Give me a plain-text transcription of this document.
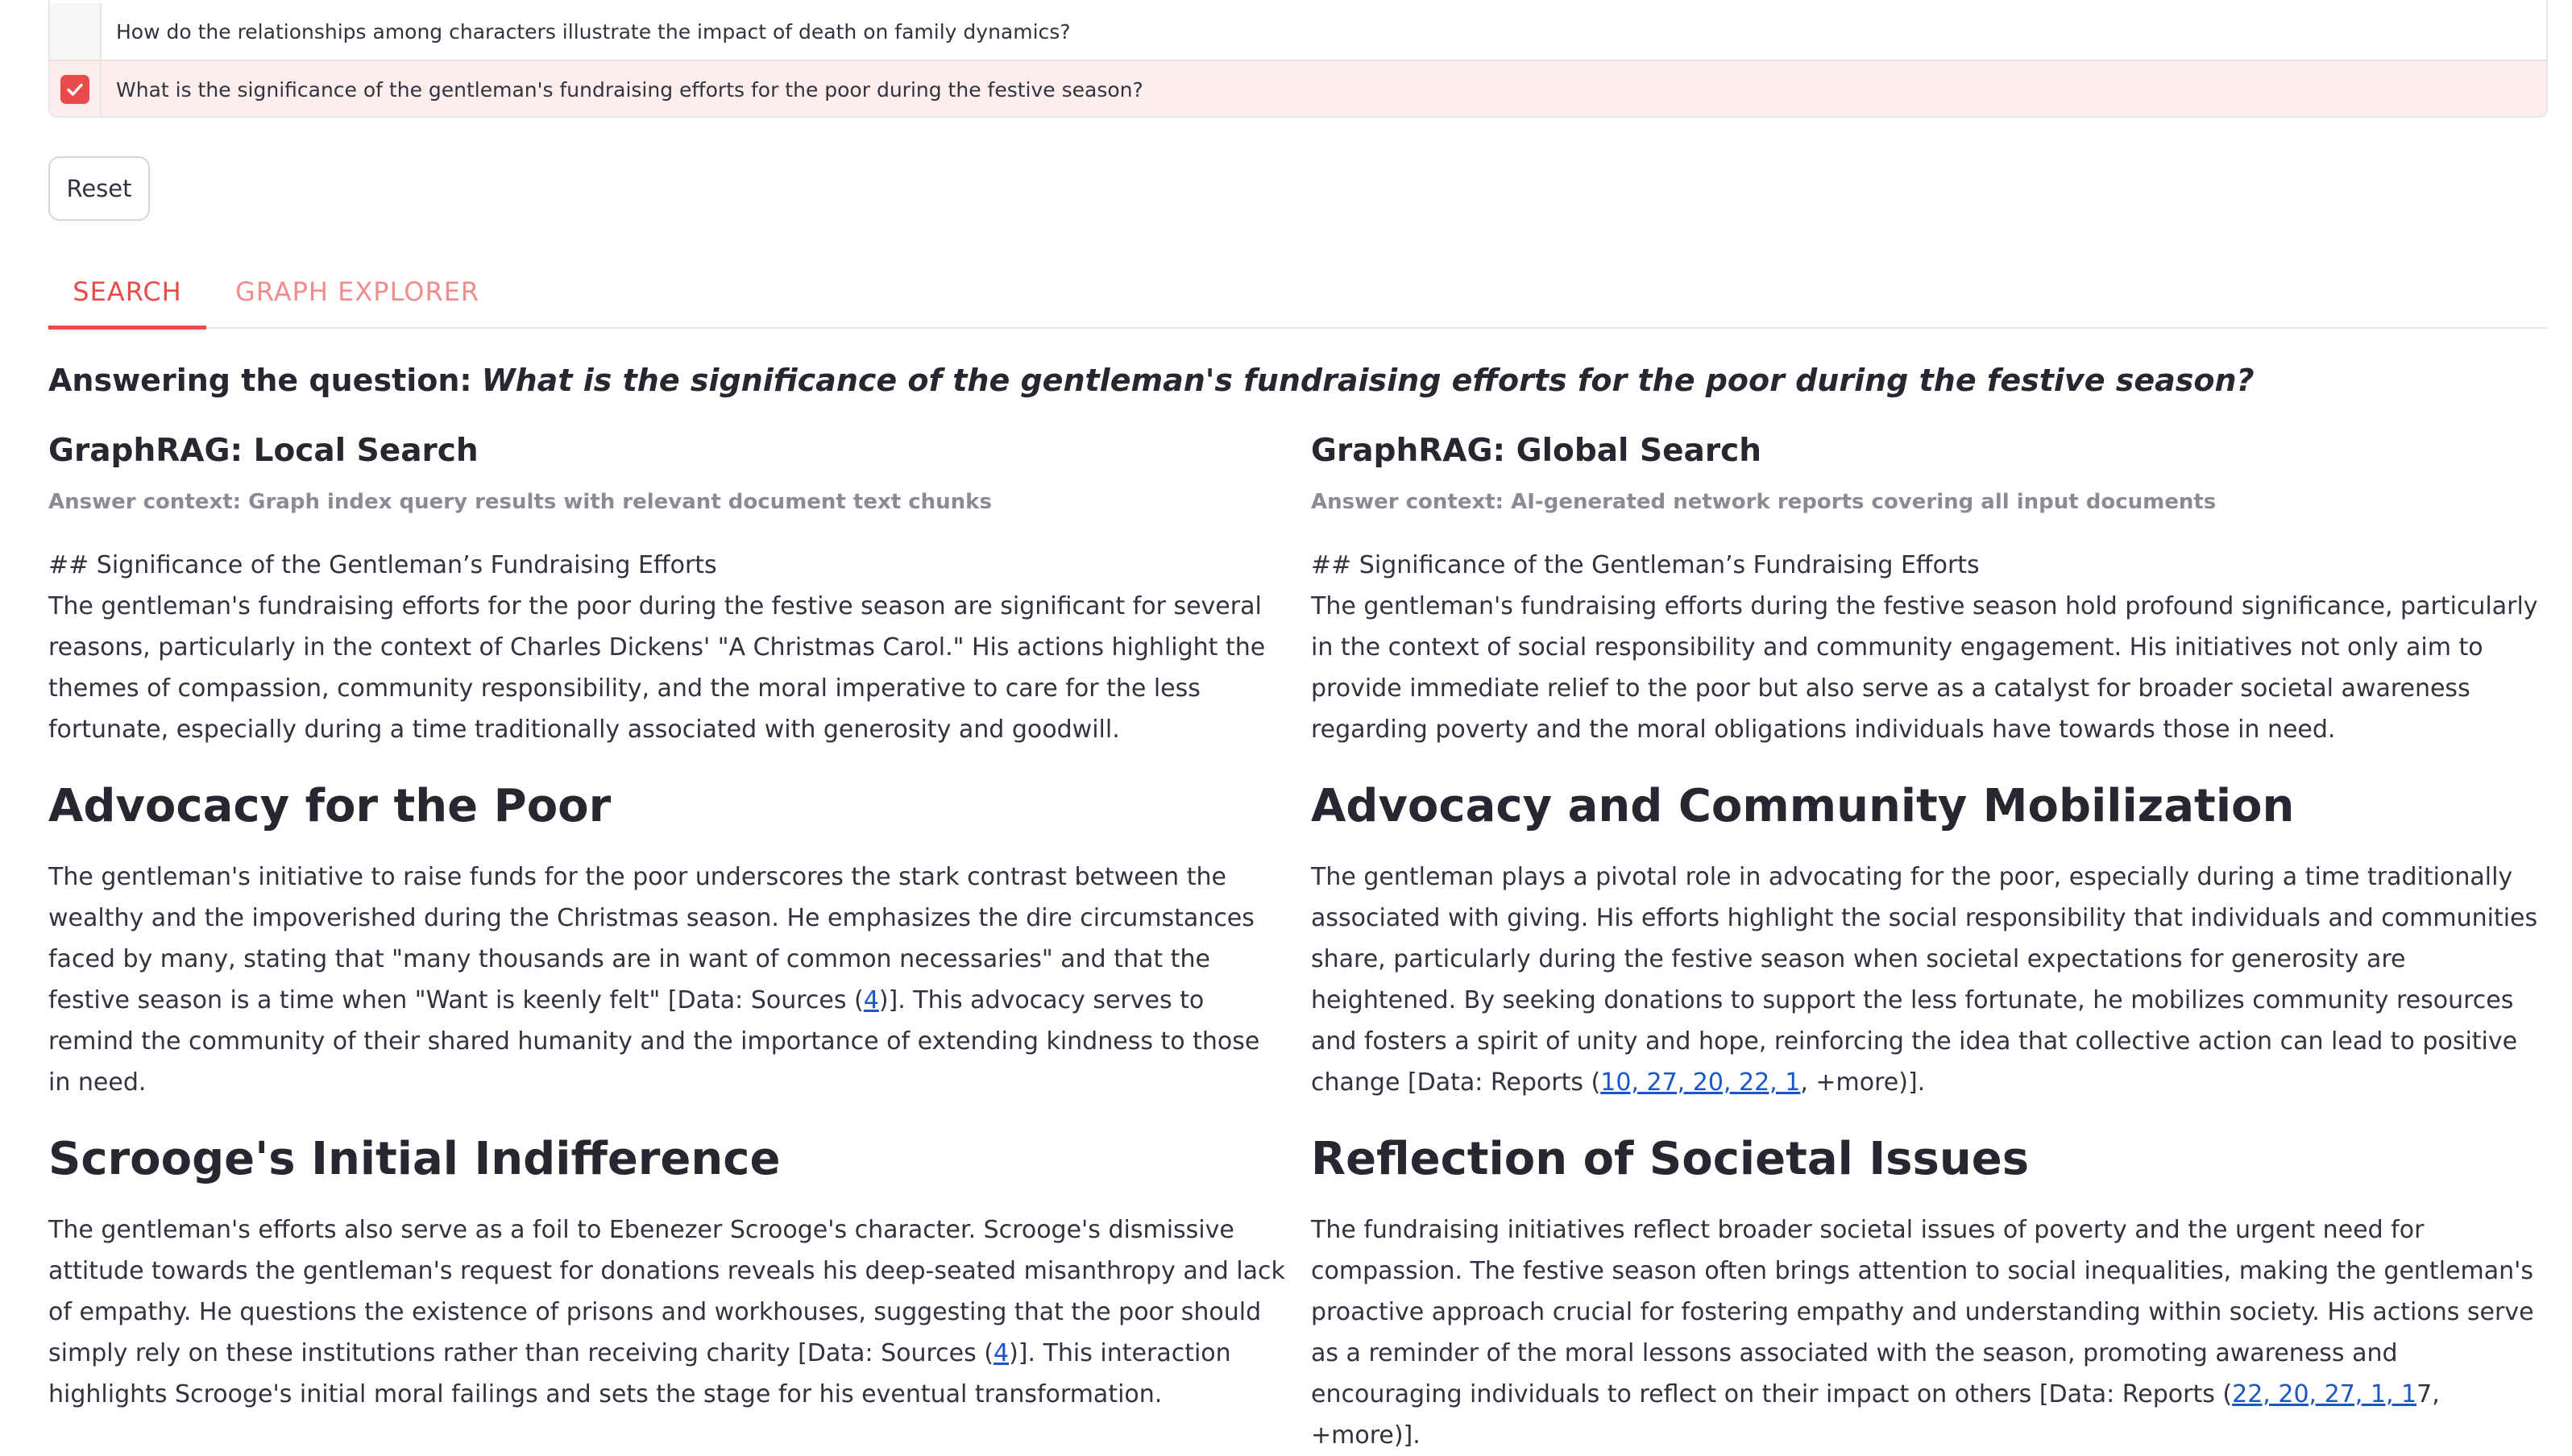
How do the relationships among characters illustrate the impact of death on family dynamics?
What is the significance of the gentleman's fundraising efforts for the poor during the festive season?
Reset
SEARCH	GRAPH EXPLORER
Answering the question: What is the significance of the gentleman's fundraising efforts for the poor during the festive season?
GraphRAG: Local Search
Answer context: Graph index query results with relevant document text chunks
## Significance of the Gentleman’s Fundraising Efforts
The gentleman's fundraising efforts for the poor during the festive season are significant for several reasons, particularly in the context of Charles Dickens' "A Christmas Carol." His actions highlight the themes of compassion, community responsibility, and the moral imperative to care for the less fortunate, especially during a time traditionally associated with generosity and goodwill.
Advocacy for the Poor
The gentleman's initiative to raise funds for the poor underscores the stark contrast between the wealthy and the impoverished during the Christmas season. He emphasizes the dire circumstances faced by many, stating that "many thousands are in want of common necessaries" and that the festive season is a time when "Want is keenly felt" [Data: Sources (4)]. This advocacy serves to remind the community of their shared humanity and the importance of extending kindness to those in need.
Scrooge's Initial Indifference
The gentleman's efforts also serve as a foil to Ebenezer Scrooge's character. Scrooge's dismissive attitude towards the gentleman's request for donations reveals his deep-seated misanthropy and lack of empathy. He questions the existence of prisons and workhouses, suggesting that the poor should simply rely on these institutions rather than receiving charity [Data: Sources (4)]. This interaction highlights Scrooge's initial moral failings and sets the stage for his eventual transformation.
GraphRAG: Global Search
Answer context: AI-generated network reports covering all input documents
## Significance of the Gentleman’s Fundraising Efforts
The gentleman's fundraising efforts during the festive season hold profound significance, particularly in the context of social responsibility and community engagement. His initiatives not only aim to provide immediate relief to the poor but also serve as a catalyst for broader societal awareness regarding poverty and the moral obligations individuals have towards those in need.
Advocacy and Community Mobilization
The gentleman plays a pivotal role in advocating for the poor, especially during a time traditionally associated with giving. His efforts highlight the social responsibility that individuals and communities share, particularly during the festive season when societal expectations for generosity are heightened. By seeking donations to support the less fortunate, he mobilizes community resources and fosters a spirit of unity and hope, reinforcing the idea that collective action can lead to positive change [Data: Reports (10, 27, 20, 22, 1, +more)].
Reflection of Societal Issues
The fundraising initiatives reflect broader societal issues of poverty and the urgent need for compassion. The festive season often brings attention to social inequalities, making the gentleman's proactive approach crucial for fostering empathy and understanding within society. His actions serve as a reminder of the moral lessons associated with the season, promoting awareness and encouraging individuals to reflect on their impact on others [Data: Reports (22, 20, 27, 1, 17, +more)].
